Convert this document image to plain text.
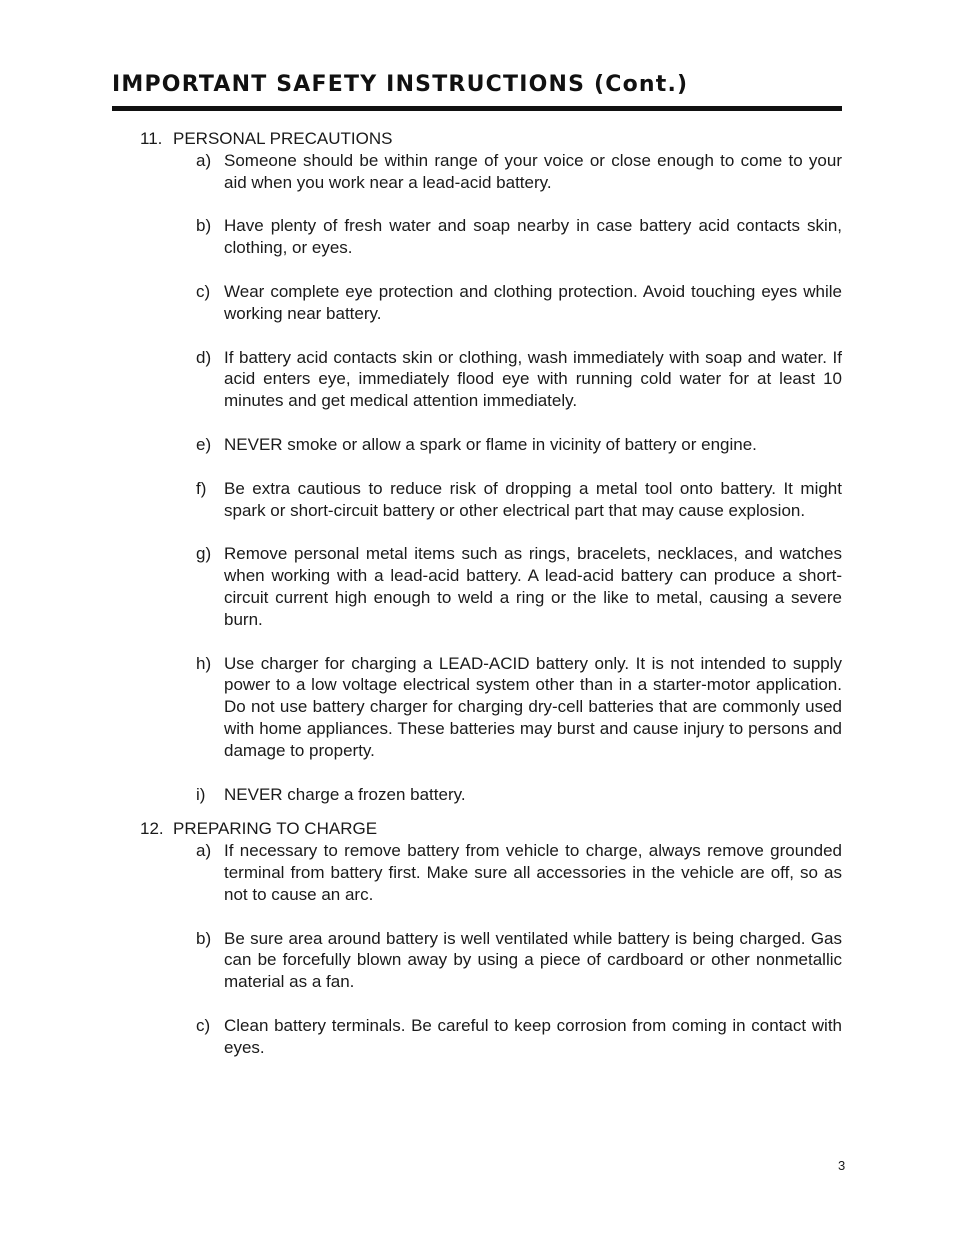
IMPORTANT SAFETY INSTRUCTIONS (Cont.)

11. PERSONAL PRECAUTIONS

a) Someone should be within range of your voice or close enough to come to your aid when you work near a lead-acid battery.
b) Have plenty of fresh water and soap nearby in case battery acid contacts skin, clothing, or eyes.
c) Wear complete eye protection and clothing protection. Avoid touching eyes while working near battery.
d) If battery acid contacts skin or clothing, wash immediately with soap and water. If acid enters eye, immediately flood eye with running cold water for at least 10 minutes and get medical attention immediately.
e) NEVER smoke or allow a spark or flame in vicinity of battery or engine.
f)	Be extra cautious to reduce risk of dropping a metal tool onto battery. It might spark or short-circuit battery or other electrical part that may cause explosion.
g) Remove personal metal items such as rings, bracelets, necklaces, and watches when working with a lead-acid battery. A lead-acid battery can produce a short-circuit current high enough to weld a ring or the like to metal, causing a severe burn.
h) Use charger for charging a LEAD-ACID battery only. It is not intended to supply power to a low voltage electrical system other than in a starter-motor application. Do not use battery charger for charging dry-cell batteries that are commonly used with home appliances. These batteries may burst and cause injury to persons and damage to property.
i)	NEVER charge a frozen battery.

12. PREPARING TO CHARGE

a) If necessary to remove battery from vehicle to charge, always remove grounded terminal from battery first. Make sure all accessories in the vehicle are off, so as not to cause an arc.
b) Be sure area around battery is well ventilated while battery is being charged. Gas can be forcefully blown away by using a piece of cardboard or other nonmetallic material as a fan.
c) Clean battery terminals. Be careful to keep corrosion from coming in contact with eyes.
3
